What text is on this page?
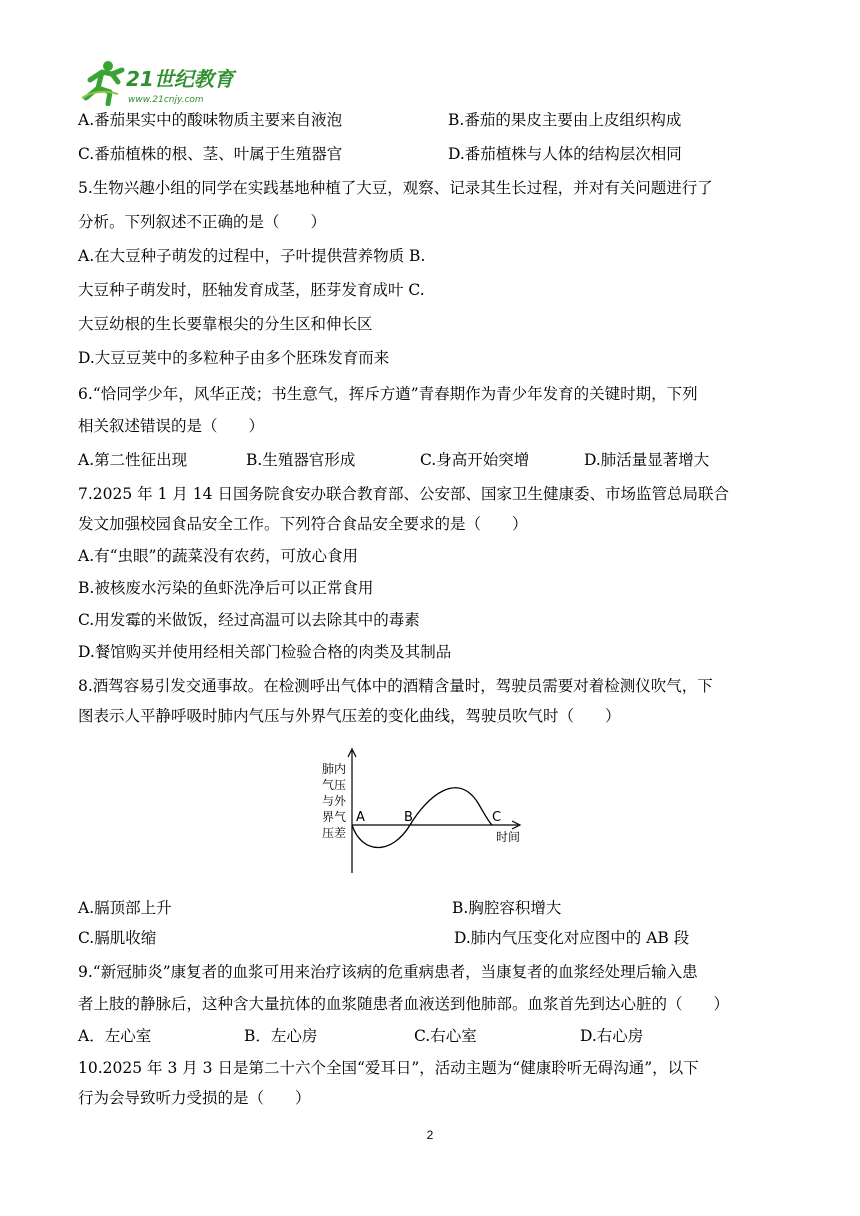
21世纪教育
www.21cnjy.com
A.番茄果实中的酸味物质主要来自液泡	B.番茄的果皮主要由上皮组织构成
C.番茄植株的根、茎、叶属于生殖器官	D.番茄植株与人体的结构层次相同
5.生物兴趣小组的同学在实践基地种植了大豆，观察、记录其生长过程，并对有关问题进行了
分析。下列叙述不正确的是（　　）
A.在大豆种子萌发的过程中，子叶提供营养物质 B.
大豆种子萌发时，胚轴发育成茎，胚芽发育成叶 C.
大豆幼根的生长要靠根尖的分生区和伸长区
D.大豆豆荚中的多粒种子由多个胚珠发育而来
6.“恰同学少年，风华正茂；书生意气，挥斥方遒”青春期作为青少年发育的关键时期，下列
相关叙述错误的是（　　）
A.第二性征出现	B.生殖器官形成	C.身高开始突增	D.肺活量显著增大
7.2025 年 1 月 14 日国务院食安办联合教育部、公安部、国家卫生健康委、市场监管总局联合
发文加强校园食品安全工作。下列符合食品安全要求的是（　　）
A.有“虫眼”的蔬菜没有农药，可放心食用
B.被核废水污染的鱼虾洗净后可以正常食用
C.用发霉的米做饭，经过高温可以去除其中的毒素
D.餐馆购买并使用经相关部门检验合格的肉类及其制品
8.酒驾容易引发交通事故。在检测呼出气体中的酒精含量时，驾驶员需要对着检测仪吹气，下
图表示人平静呼吸时肺内气压与外界气压差的变化曲线，驾驶员吹气时（　　）
肺内
气压
与外
界气
压差
A	B	C
时间
A.膈顶部上升	B.胸腔容积增大
C.膈肌收缩	D.肺内气压变化对应图中的 AB 段
9.“新冠肺炎”康复者的血浆可用来治疗该病的危重病患者，当康复者的血浆经处理后输入患
者上肢的静脉后，这种含大量抗体的血浆随患者血液送到他肺部。血浆首先到达心脏的（　　）
A．左心室	B．左心房	C.右心室	D.右心房
10.2025 年 3 月 3 日是第二十六个全国“爱耳日”，活动主题为“健康聆听无碍沟通”，以下
行为会导致听力受损的是（　　）
2
